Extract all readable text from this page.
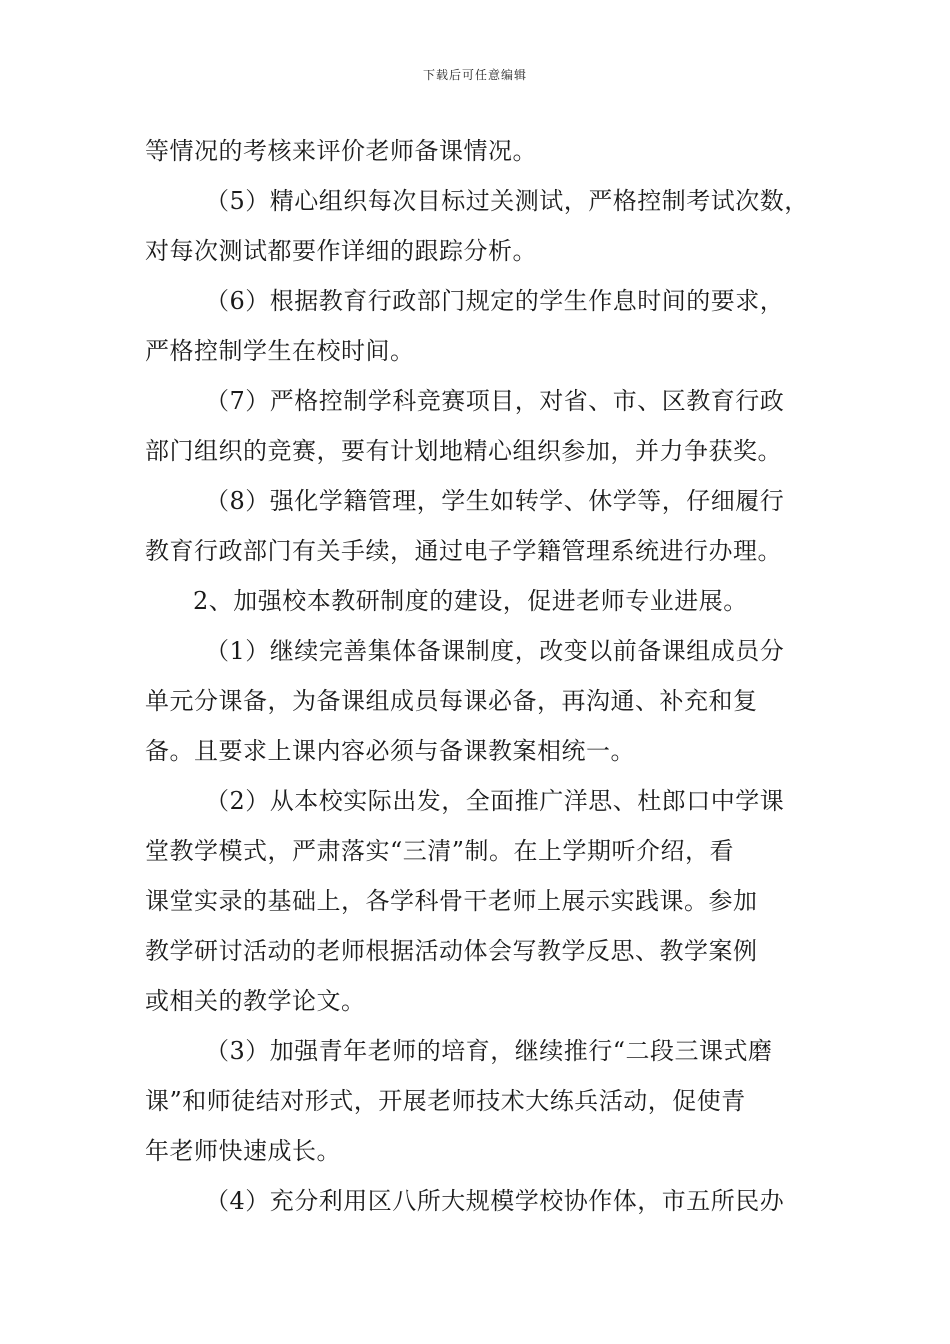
下载后可任意编辑
等情况的考核来评价老师备课情况。
（5）精心组织每次目标过关测试，严格控制考试次数，
对每次测试都要作详细的跟踪分析。
（6）根据教育行政部门规定的学生作息时间的要求，
严格控制学生在校时间。
（7）严格控制学科竞赛项目，对省、市、区教育行政
部门组织的竞赛，要有计划地精心组织参加，并力争获奖。
（8）强化学籍管理，学生如转学、休学等，仔细履行
教育行政部门有关手续，通过电子学籍管理系统进行办理。
2、加强校本教研制度的建设，促进老师专业进展。
（1）继续完善集体备课制度，改变以前备课组成员分
单元分课备，为备课组成员每课必备，再沟通、补充和复
备。且要求上课内容必须与备课教案相统一。
（2）从本校实际出发，全面推广洋思、杜郎口中学课
堂教学模式，严肃落实“三清”制。在上学期听介绍，看
课堂实录的基础上，各学科骨干老师上展示实践课。参加
教学研讨活动的老师根据活动体会写教学反思、教学案例
或相关的教学论文。
（3）加强青年老师的培育，继续推行“二段三课式磨
课”和师徒结对形式，开展老师技术大练兵活动，促使青
年老师快速成长。
（4）充分利用区八所大规模学校协作体，市五所民办
